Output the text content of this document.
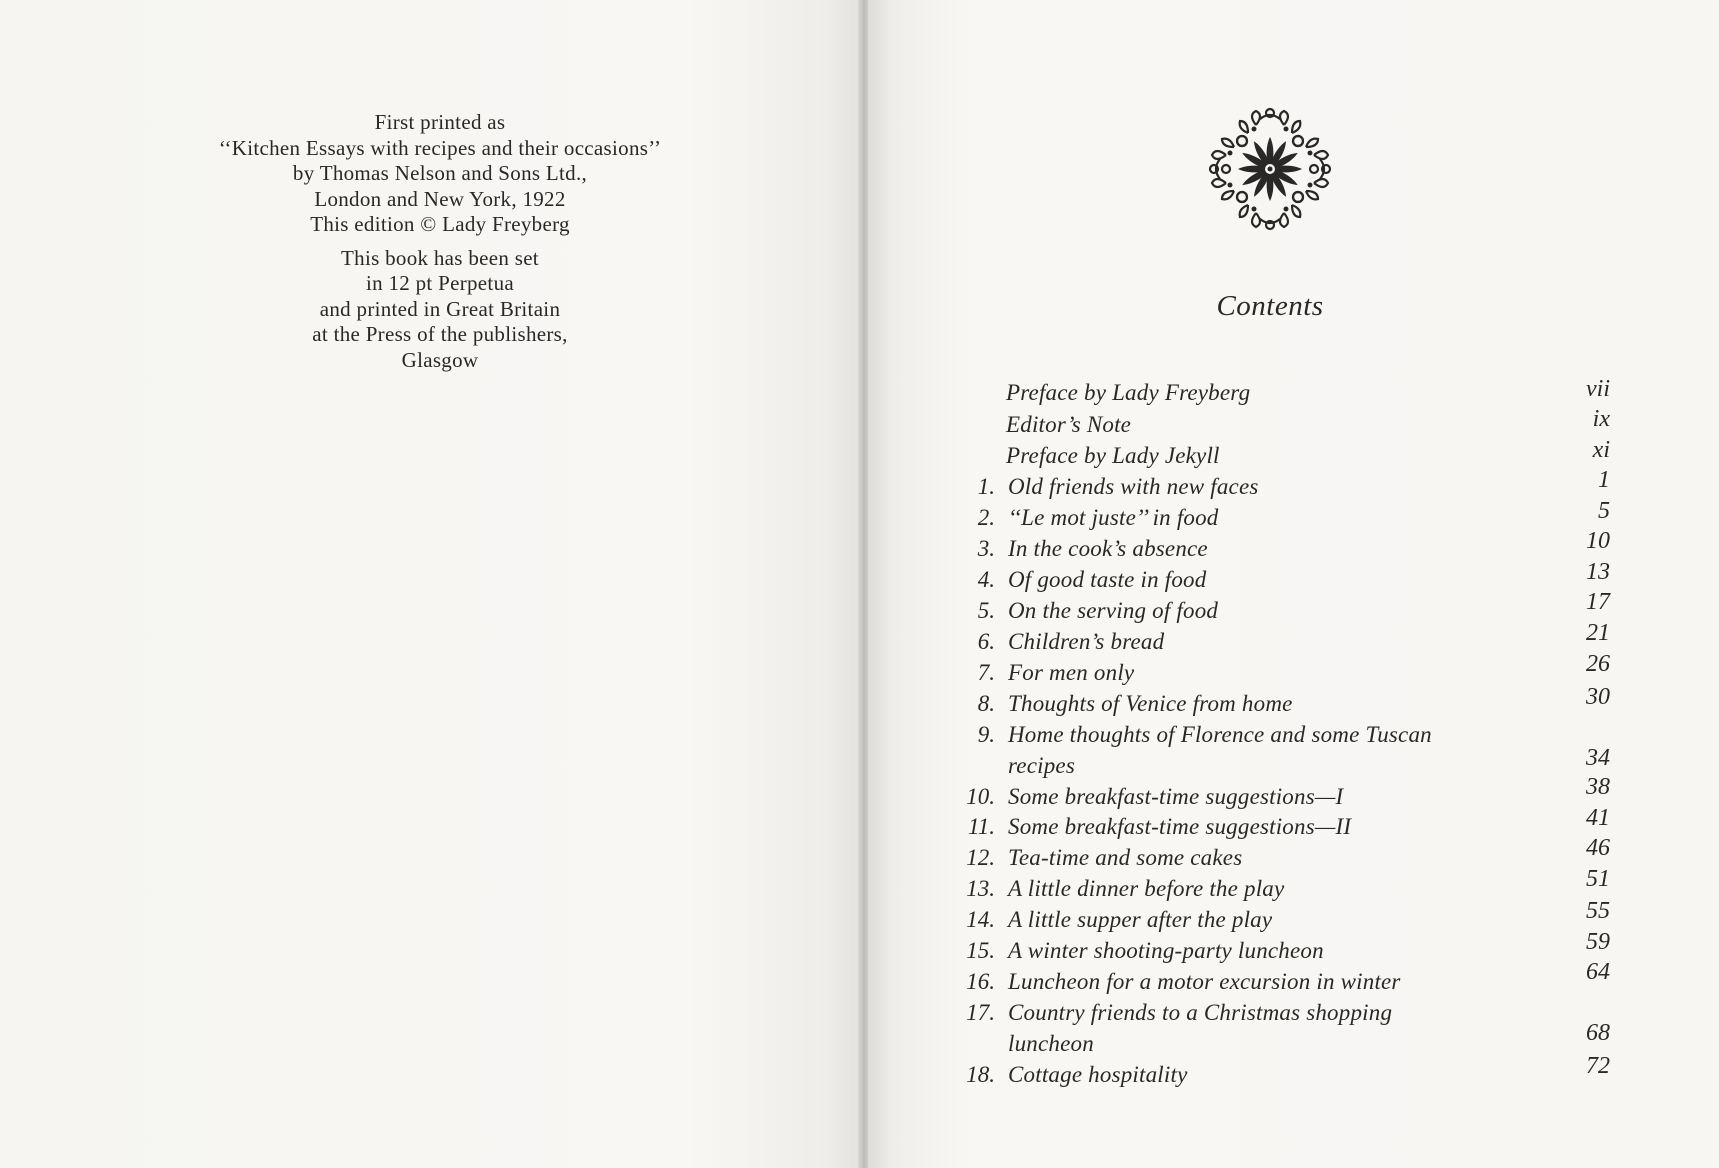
First printed as
‘‘Kitchen Essays with recipes and their occasions’’
by Thomas Nelson and Sons Ltd.,
London and New York, 1922
This edition © Lady Freyberg
This book has been set
in 12 pt Perpetua
and printed in Great Britain
at the Press of the publishers,
Glasgow
Contents
Preface by Lady Freyberg	vii
Editor’s Note	ix
Preface by Lady Jekyll	xi
1. Old friends with new faces	1
2. ‘‘Le mot juste’’ in food	5
3. In the cook’s absence	10
4. Of good taste in food	13
5. On the serving of food	17
6. Children’s bread	21
7. For men only	26
8. Thoughts of Venice from home	30
9. Home thoughts of Florence and some Tuscan
recipes	34
10. Some breakfast-time suggestions—I	38
11. Some breakfast-time suggestions—II	41
12. Tea-time and some cakes	46
13. A little dinner before the play	51
14. A little supper after the play	55
15. A winter shooting-party luncheon	59
16. Luncheon for a motor excursion in winter	64
17. Country friends to a Christmas shopping
luncheon	68
18. Cottage hospitality	72
